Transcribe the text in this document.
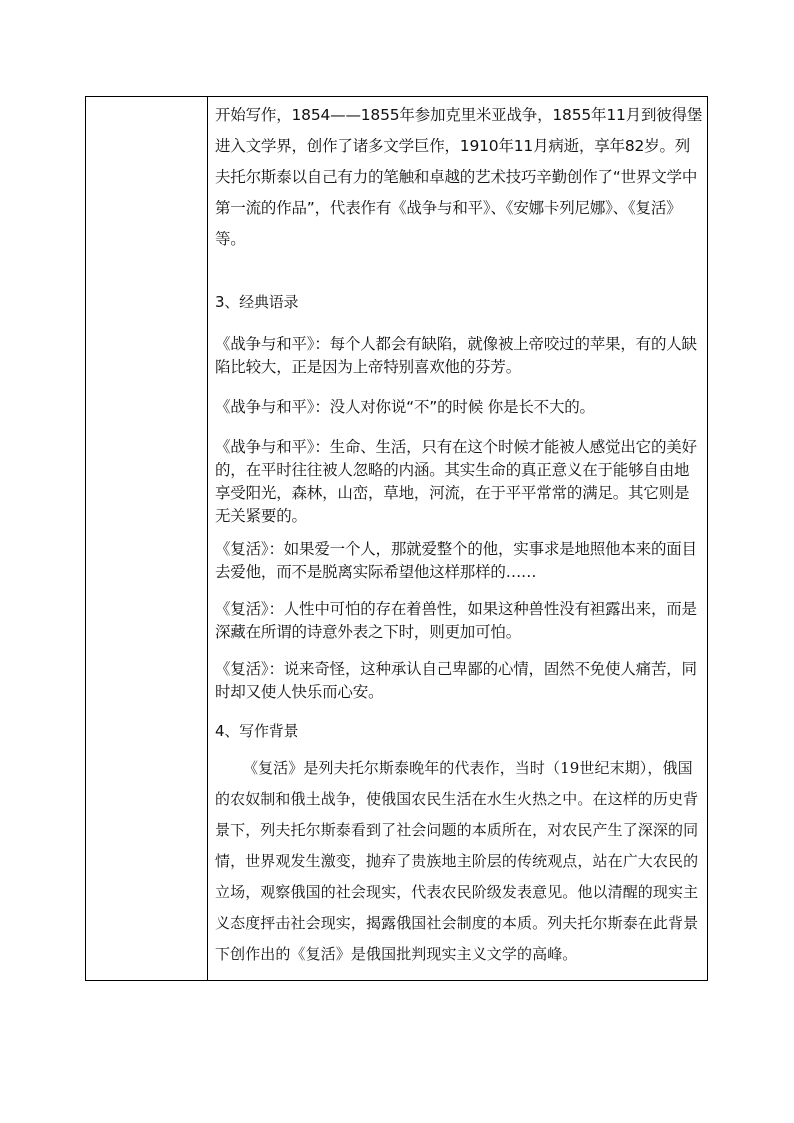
开始写作，1854——1855年参加克里米亚战争，1855年11月到彼得堡进入文学界，创作了诸多文学巨作，1910年11月病逝，享年82岁。列夫托尔斯泰以自己有力的笔触和卓越的艺术技巧辛勤创作了“世界文学中第一流的作品”，代表作有《战争与和平》、《安娜卡列尼娜》、《复活》等。

3、经典语录

《战争与和平》：每个人都会有缺陷，就像被上帝咬过的苹果，有的人缺陷比较大，正是因为上帝特别喜欢他的芬芳。

《战争与和平》：没人对你说“不”的时候 你是长不大的。

《战争与和平》：生命、生活，只有在这个时候才能被人感觉出它的美好的，在平时往往被人忽略的内涵。其实生命的真正意义在于能够自由地享受阳光，森林，山峦，草地，河流，在于平平常常的满足。其它则是无关紧要的。

《复活》：如果爱一个人，那就爱整个的他，实事求是地照他本来的面目去爱他，而不是脱离实际希望他这样那样的……

《复活》：人性中可怕的存在着兽性，如果这种兽性没有袒露出来，而是深藏在所谓的诗意外表之下时，则更加可怕。

《复活》：说来奇怪，这种承认自己卑鄙的心情，固然不免使人痛苦，同时却又使人快乐而心安。

4、写作背景

《复活》是列夫托尔斯泰晚年的代表作，当时（19世纪末期），俄国的农奴制和俄土战争，使俄国农民生活在水生火热之中。在这样的历史背景下，列夫托尔斯泰看到了社会问题的本质所在，对农民产生了深深的同情，世界观发生激变，抛弃了贵族地主阶层的传统观点，站在广大农民的立场，观察俄国的社会现实，代表农民阶级发表意见。他以清醒的现实主义态度抨击社会现实，揭露俄国社会制度的本质。列夫托尔斯泰在此背景下创作出的《复活》是俄国批判现实主义文学的高峰。
